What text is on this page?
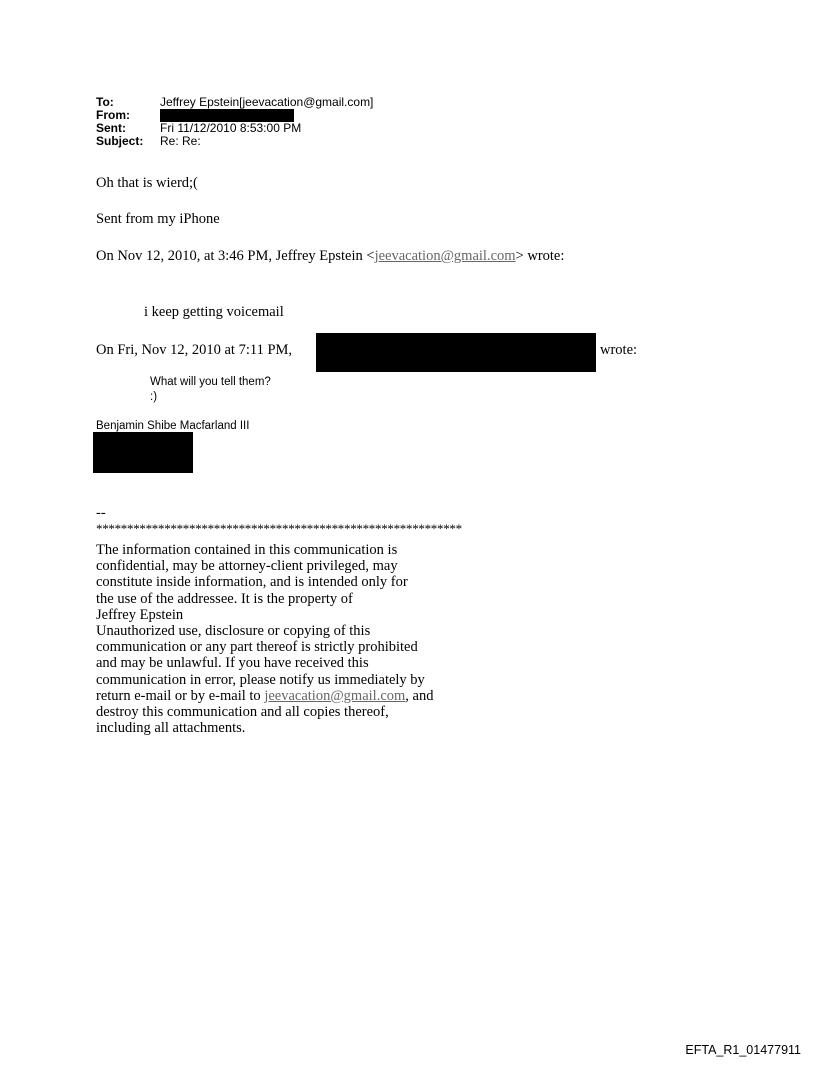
To:	Jeffrey Epstein[jeevacation@gmail.com]
From:
Sent:	Fri 11/12/2010 8:53:00 PM
Subject:	Re: Re:
Oh that is wierd;(
Sent from my iPhone
On Nov 12, 2010, at 3:46 PM, Jeffrey Epstein <jeevacation@gmail.com> wrote:
i keep getting voicemail
On Fri, Nov 12, 2010 at 7:11 PM,	wrote:
What will you tell them?
:)
Benjamin Shibe Macfarland III
--
***********************************************************
The information contained in this communication is
confidential, may be attorney-client privileged, may
constitute inside information, and is intended only for
the use of the addressee. It is the property of
Jeffrey Epstein
Unauthorized use, disclosure or copying of this
communication or any part thereof is strictly prohibited
and may be unlawful. If you have received this
communication in error, please notify us immediately by
return e-mail or by e-mail to jeevacation@gmail.com, and
destroy this communication and all copies thereof,
including all attachments.
EFTA_R1_01477911
